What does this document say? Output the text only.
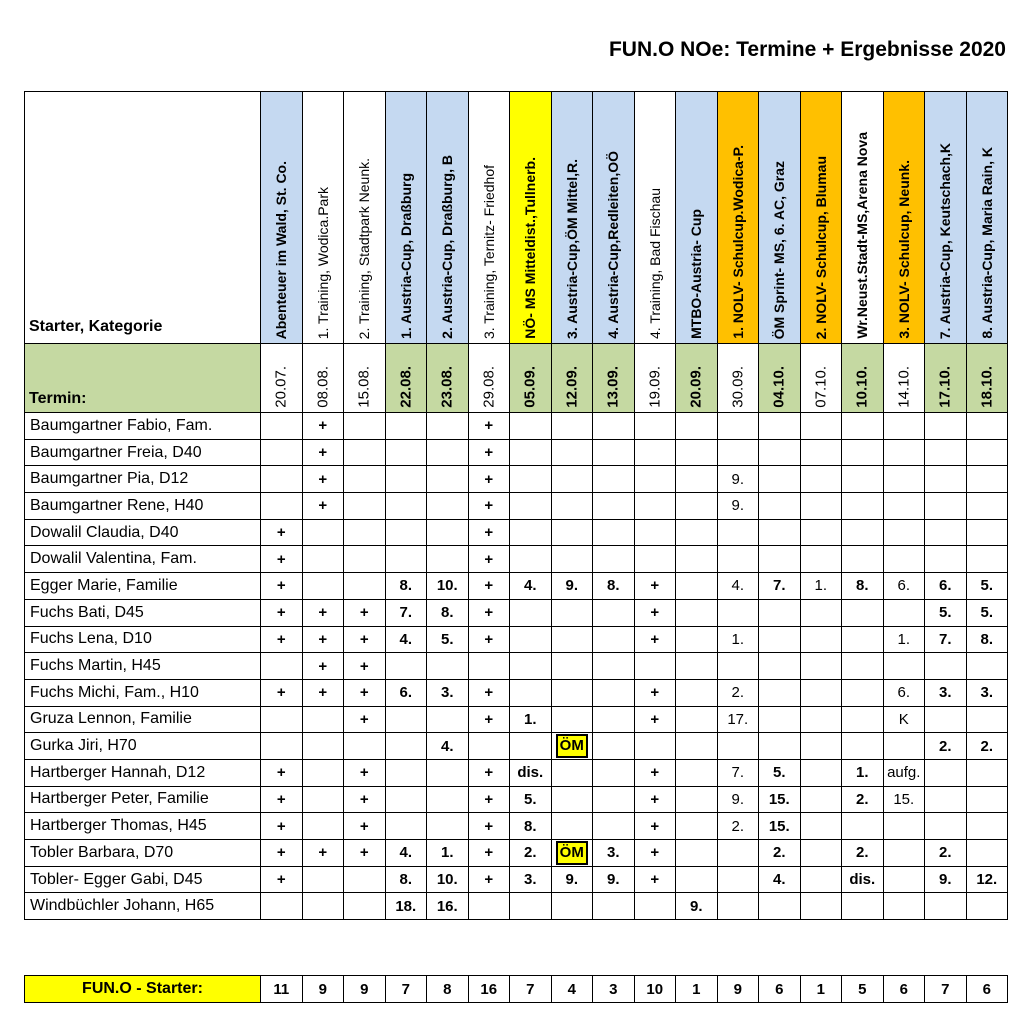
FUN.O NOe: Termine + Ergebnisse 2020
Starter, Kategorie	Abenteuer im Wald, St. Co.	1. Training, Wodica.Park	2. Training, Stadtpark Neunk.	1. Austria-Cup, Draßburg	2. Austria-Cup, Draßburg, B	3. Training, Ternitz- Friedhof	NÖ- MS Mitteldist.,Tullnerb.	3. Austria-Cup,ÖM Mittel,R.	4. Austria-Cup,Redleiten,OÖ	4. Training, Bad Fischau	MTBO-Austria- Cup	1. NOLV- Schulcup.Wodica-P.	ÖM Sprint- MS, 6. AC, Graz	2. NOLV- Schulcup, Blumau	Wr.Neust.Stadt-MS,Arena Nova	3. NOLV- Schulcup, Neunk.	7. Austria-Cup, Keutschach,K	8. Austria-Cup, Maria Rain, K

Termin:	20.07.	08.08.	15.08.	22.08.	23.08.	29.08.	05.09.	12.09.	13.09.	19.09.	20.09.	30.09.	04.10.	07.10.	10.10.	14.10.	17.10.	18.10.

Baumgartner Fabio, Fam.		+				+												
Baumgartner Freia, D40		+				+												
Baumgartner Pia, D12		+				+						9.						
Baumgartner Rene, H40		+				+						9.						
Dowalil Claudia, D40	+					+												
Dowalil Valentina, Fam.	+					+												
Egger Marie, Familie	+			8.	10.	+	4.	9.	8.	+		4.	7.	1.	8.	6.	6.	5.
Fuchs Bati, D45	+	+	+	7.	8.	+				+							5.	5.
Fuchs Lena, D10	+	+	+	4.	5.	+				+		1.				1.	7.	8.
Fuchs Martin, H45		+	+															
Fuchs Michi, Fam., H10	+	+	+	6.	3.	+				+		2.				6.	3.	3.
Gruza Lennon, Familie			+			+	1.			+		17.				K		
Gurka Jiri, H70					4.			ÖM									2.	2.
Hartberger Hannah, D12	+		+			+	dis.			+		7.	5.		1.	aufg.		
Hartberger Peter, Familie	+		+			+	5.			+		9.	15.		2.	15.		
Hartberger Thomas, H45	+		+			+	8.			+		2.	15.					
Tobler Barbara, D70	+	+	+	4.	1.	+	2.	ÖM	3.	+			2.		2.		2.	
Tobler- Egger Gabi, D45	+			8.	10.	+	3.	9.	9.	+			4.		dis.		9.	12.
Windbüchler Johann, H65				18.	16.						9.							
FUN.O - Starter:	11	9	9	7	8	16	7	4	3	10	1	9	6	1	5	6	7	6
